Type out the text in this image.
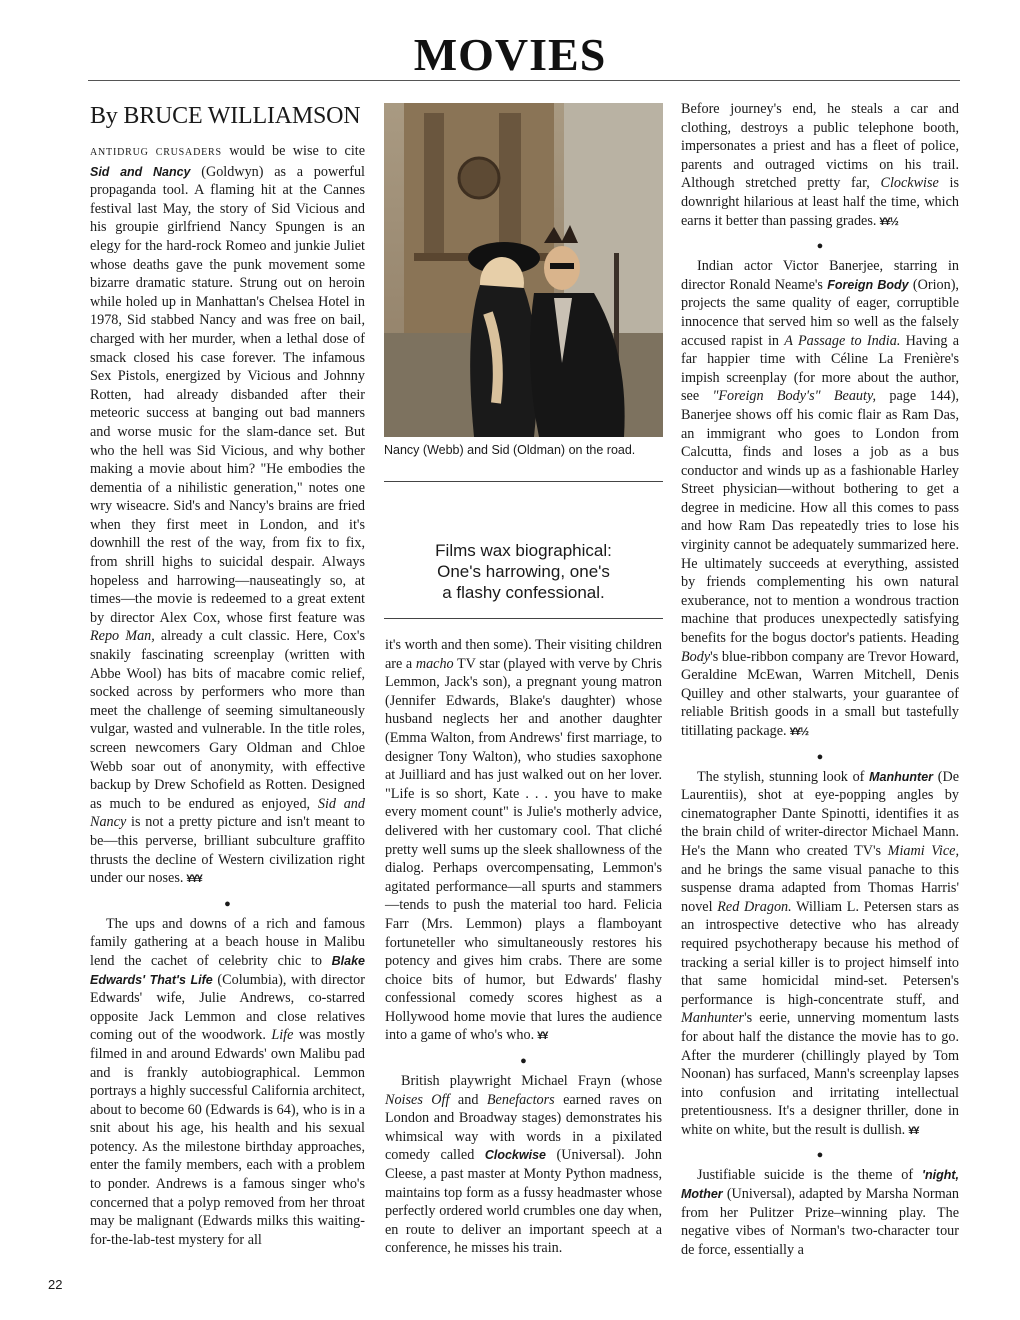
MOVIES
By BRUCE WILLIAMSON

ANTIDRUG CRUSADERS would be wise to cite Sid and Nancy (Goldwyn) as a powerful propaganda tool. A flaming hit at the Cannes festival last May, the story of Sid Vicious and his groupie girlfriend Nancy Spungen is an elegy for the hard-rock Romeo and junkie Juliet whose deaths gave the punk movement some bizarre dramatic stature. Strung out on heroin while holed up in Manhattan's Chelsea Hotel in 1978, Sid stabbed Nancy and was free on bail, charged with her murder, when a lethal dose of smack closed his case forever. The infamous Sex Pistols, energized by Vicious and Johnny Rotten, had already disbanded after their meteoric success at banging out bad manners and worse music for the slam-dance set. But who the hell was Sid Vicious, and why bother making a movie about him? "He embodies the dementia of a nihilistic generation," notes one wry wiseacre. Sid's and Nancy's brains are fried when they first meet in London, and it's downhill the rest of the way, from fix to fix, from shrill highs to suicidal despair. Always hopeless and harrowing—nauseatingly so, at times—the movie is redeemed to a great extent by director Alex Cox, whose first feature was Repo Man, already a cult classic. Here, Cox's snakily fascinating screenplay (written with Abbe Wool) has bits of macabre comic relief, socked across by performers who more than meet the challenge of seeming simultaneously vulgar, wasted and vulnerable. In the title roles, screen newcomers Gary Oldman and Chloe Webb soar out of anonymity, with effective backup by Drew Schofield as Rotten. Designed as much to be endured as enjoyed, Sid and Nancy is not a pretty picture and isn't meant to be—this perverse, brilliant subculture graffito thrusts the decline of Western civilization right under our noses. ¥¥¥

●

The ups and downs of a rich and famous family gathering at a beach house in Malibu lend the cachet of celebrity chic to Blake Edwards' That's Life (Columbia), with director Edwards' wife, Julie Andrews, co-starred opposite Jack Lemmon and close relatives coming out of the woodwork. Life was mostly filmed in and around Edwards' own Malibu pad and is frankly autobiographical. Lemmon portrays a highly successful California architect, about to become 60 (Edwards is 64), who is in a snit about his age, his health and his sexual potency. As the milestone birthday approaches, enter the family members, each with a problem to ponder. Andrews is a famous singer who's concerned that a polyp removed from her throat may be malignant (Edwards milks this waiting-for-the-lab-test mystery for all

Nancy (Webb) and Sid (Oldman) on the road.
Films wax biographical:
One's harrowing, one's
a flashy confessional.

it's worth and then some). Their visiting children are a macho TV star (played with verve by Chris Lemmon, Jack's son), a pregnant young matron (Jennifer Edwards, Blake's daughter) whose husband neglects her and another daughter (Emma Walton, from Andrews' first marriage, to designer Tony Walton), who studies saxophone at Juilliard and has just walked out on her lover. "Life is so short, Kate . . . you have to make every moment count" is Julie's motherly advice, delivered with her customary cool. That cliché pretty well sums up the sleek shallowness of the dialog. Perhaps overcompensating, Lemmon's agitated performance—all spurts and stammers—tends to push the material too hard. Felicia Farr (Mrs. Lemmon) plays a flamboyant fortuneteller who simultaneously restores his potency and gives him crabs. There are some choice bits of humor, but Edwards' flashy confessional comedy scores highest as a Hollywood home movie that lures the audience into a game of who's who. ¥¥

●

British playwright Michael Frayn (whose Noises Off and Benefactors earned raves on London and Broadway stages) demonstrates his whimsical way with words in a pixilated comedy called Clockwise (Universal). John Cleese, a past master at Monty Python madness, maintains top form as a fussy headmaster whose perfectly ordered world crumbles one day when, en route to deliver an important speech at a conference, he misses his train.

Before journey's end, he steals a car and clothing, destroys a public telephone booth, impersonates a priest and has a fleet of police, parents and outraged victims on his trail. Although stretched pretty far, Clockwise is downright hilarious at least half the time, which earns it better than passing grades. ¥¥½

●

Indian actor Victor Banerjee, starring in director Ronald Neame's Foreign Body (Orion), projects the same quality of eager, corruptible innocence that served him so well as the falsely accused rapist in A Passage to India. Having a far happier time with Céline La Frenière's impish screenplay (for more about the author, see "Foreign Body's" Beauty, page 144), Banerjee shows off his comic flair as Ram Das, an immigrant who goes to London from Calcutta, finds and loses a job as a bus conductor and winds up as a fashionable Harley Street physician—without bothering to get a degree in medicine. How all this comes to pass and how Ram Das repeatedly tries to lose his virginity cannot be adequately summarized here. He ultimately succeeds at everything, assisted by friends complementing his own natural exuberance, not to mention a wondrous traction machine that produces unexpectedly satisfying benefits for the bogus doctor's patients. Heading Body's blue-ribbon company are Trevor Howard, Geraldine McEwan, Warren Mitchell, Denis Quilley and other stalwarts, your guarantee of reliable British goods in a small but tastefully titillating package. ¥¥½

●

The stylish, stunning look of Manhunter (De Laurentiis), shot at eye-popping angles by cinematographer Dante Spinotti, identifies it as the brain child of writer-director Michael Mann. He's the Mann who created TV's Miami Vice, and he brings the same visual panache to this suspense drama adapted from Thomas Harris' novel Red Dragon. William L. Petersen stars as an introspective detective who has already required psychotherapy because his method of tracking a serial killer is to project himself into that same homicidal mind-set. Petersen's performance is high-concentrate stuff, and Manhunter's eerie, unnerving momentum lasts for about half the distance the movie has to go. After the murderer (chillingly played by Tom Noonan) has surfaced, Mann's screenplay lapses into confusion and irritating intellectual pretentiousness. It's a designer thriller, done in white on white, but the result is dullish. ¥¥

●

Justifiable suicide is the theme of 'night, Mother (Universal), adapted by Marsha Norman from her Pulitzer Prize–winning play. The negative vibes of Norman's two-character tour de force, essentially a

22
